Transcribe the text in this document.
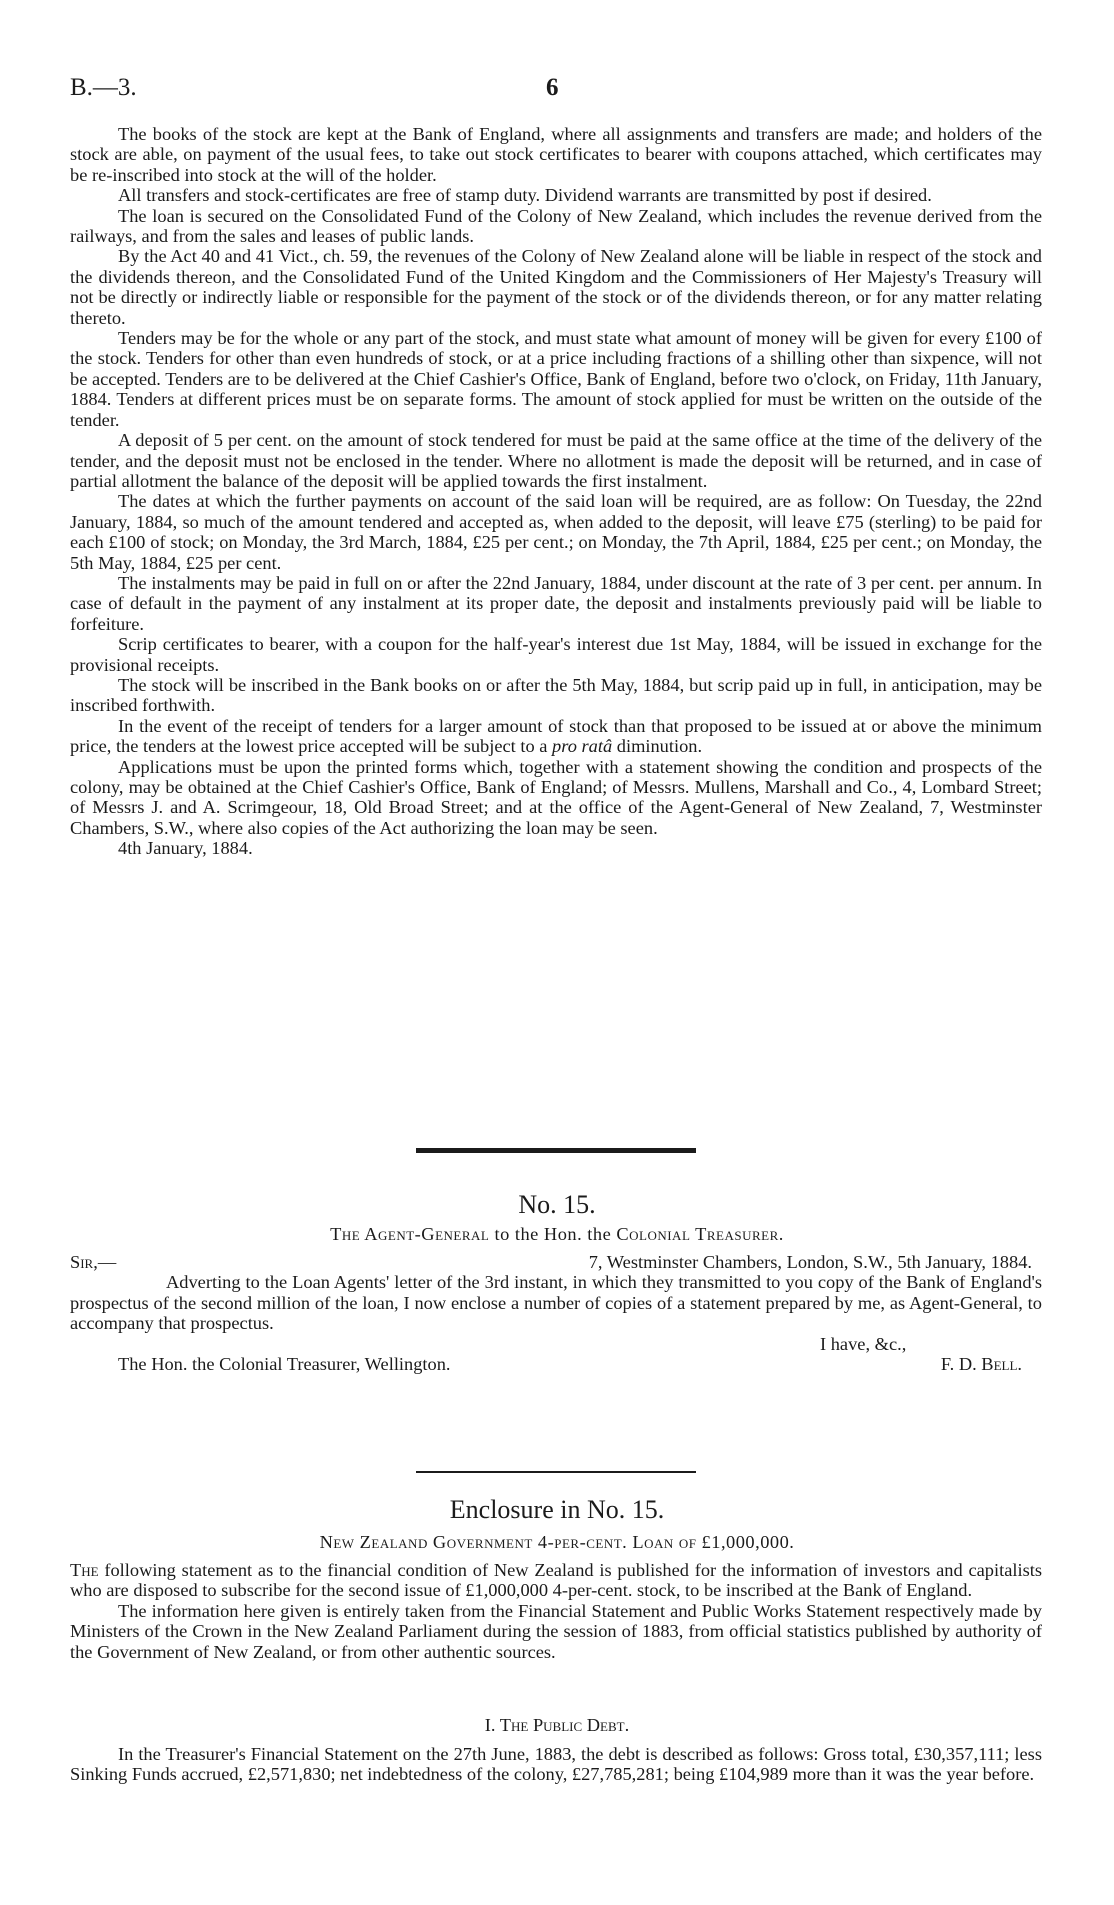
B.—3.	6

The books of the stock are kept at the Bank of England, where all assignments and transfers are made; and holders of the stock are able, on payment of the usual fees, to take out stock certificates to bearer with coupons attached, which certificates may be re-inscribed into stock at the will of the holder.

All transfers and stock-certificates are free of stamp duty. Dividend warrants are transmitted by post if desired.

The loan is secured on the Consolidated Fund of the Colony of New Zealand, which includes the revenue derived from the railways, and from the sales and leases of public lands.

By the Act 40 and 41 Vict., ch. 59, the revenues of the Colony of New Zealand alone will be liable in respect of the stock and the dividends thereon, and the Consolidated Fund of the United Kingdom and the Commissioners of Her Majesty's Treasury will not be directly or indirectly liable or responsible for the payment of the stock or of the dividends thereon, or for any matter relating thereto.

Tenders may be for the whole or any part of the stock, and must state what amount of money will be given for every £100 of the stock. Tenders for other than even hundreds of stock, or at a price including fractions of a shilling other than sixpence, will not be accepted. Tenders are to be delivered at the Chief Cashier's Office, Bank of England, before two o'clock, on Friday, 11th January, 1884. Tenders at different prices must be on separate forms. The amount of stock applied for must be written on the outside of the tender.

A deposit of 5 per cent. on the amount of stock tendered for must be paid at the same office at the time of the delivery of the tender, and the deposit must not be enclosed in the tender. Where no allotment is made the deposit will be returned, and in case of partial allotment the balance of the deposit will be applied towards the first instalment.

The dates at which the further payments on account of the said loan will be required, are as follow: On Tuesday, the 22nd January, 1884, so much of the amount tendered and accepted as, when added to the deposit, will leave £75 (sterling) to be paid for each £100 of stock; on Monday, the 3rd March, 1884, £25 per cent.; on Monday, the 7th April, 1884, £25 per cent.; on Monday, the 5th May, 1884, £25 per cent.

The instalments may be paid in full on or after the 22nd January, 1884, under discount at the rate of 3 per cent. per annum. In case of default in the payment of any instalment at its proper date, the deposit and instalments previously paid will be liable to forfeiture.

Scrip certificates to bearer, with a coupon for the half-year's interest due 1st May, 1884, will be issued in exchange for the provisional receipts.

The stock will be inscribed in the Bank books on or after the 5th May, 1884, but scrip paid up in full, in anticipation, may be inscribed forthwith.

In the event of the receipt of tenders for a larger amount of stock than that proposed to be issued at or above the minimum price, the tenders at the lowest price accepted will be subject to a pro ratâ diminution.

Applications must be upon the printed forms which, together with a statement showing the condition and prospects of the colony, may be obtained at the Chief Cashier's Office, Bank of England; of Messrs. Mullens, Marshall and Co., 4, Lombard Street; of Messrs J. and A. Scrimgeour, 18, Old Broad Street; and at the office of the Agent-General of New Zealand, 7, Westminster Chambers, S.W., where also copies of the Act authorizing the loan may be seen.

4th January, 1884.

No. 15.
The Agent-General to the Hon. the Colonial Treasurer.
Sir,—	7, Westminster Chambers, London, S.W., 5th January, 1884.

Adverting to the Loan Agents' letter of the 3rd instant, in which they transmitted to you copy of the Bank of England's prospectus of the second million of the loan, I now enclose a number of copies of a statement prepared by me, as Agent-General, to accompany that prospectus.

I have, &c.,
The Hon. the Colonial Treasurer, Wellington.	F. D. Bell.
Enclosure in No. 15.
New Zealand Government 4-per-cent. Loan of £1,000,000.

The following statement as to the financial condition of New Zealand is published for the information of investors and capitalists who are disposed to subscribe for the second issue of £1,000,000 4-per-cent. stock, to be inscribed at the Bank of England.

The information here given is entirely taken from the Financial Statement and Public Works Statement respectively made by Ministers of the Crown in the New Zealand Parliament during the session of 1883, from official statistics published by authority of the Government of New Zealand, or from other authentic sources.

I. The Public Debt.

In the Treasurer's Financial Statement on the 27th June, 1883, the debt is described as follows: Gross total, £30,357,111; less Sinking Funds accrued, £2,571,830; net indebtedness of the colony, £27,785,281; being £104,989 more than it was the year before.
